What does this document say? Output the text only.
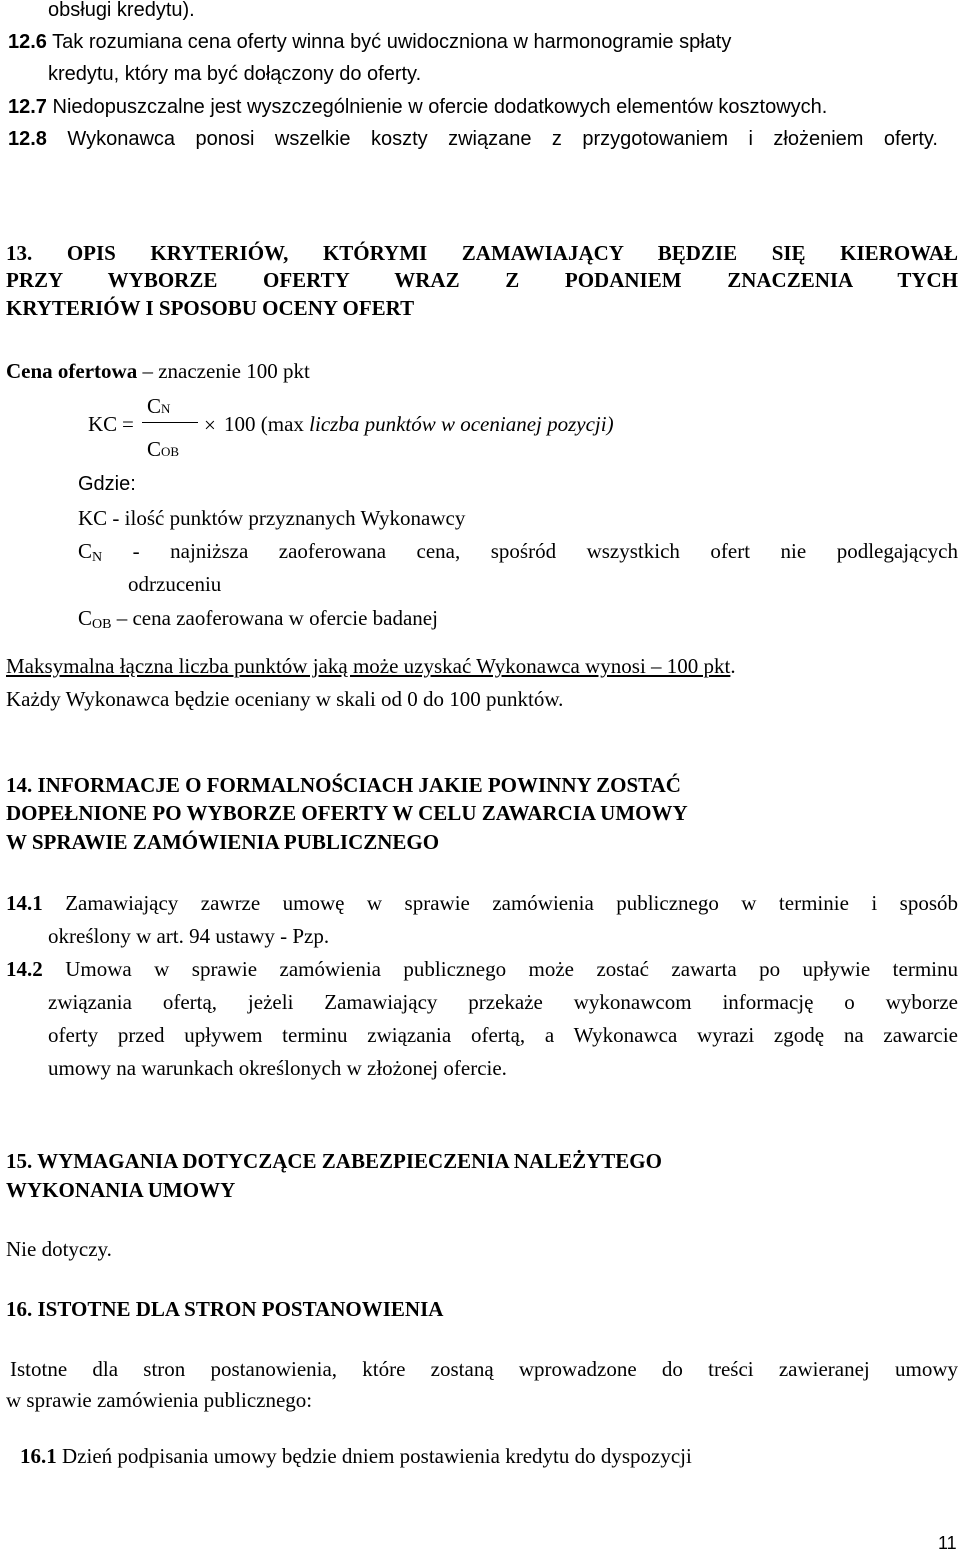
obsługi kredytu).
12.6 Tak rozumiana cena oferty winna być uwidoczniona w harmonogramie spłaty
kredytu, który ma być dołączony do oferty.
12.7 Niedopuszczalne jest wyszczególnienie w ofercie dodatkowych elementów kosztowych.
12.8 Wykonawca ponosi wszelkie koszty związane z przygotowaniem i złożeniem oferty.
13. OPIS KRYTERIÓW, KTÓRYMI ZAMAWIAJĄCY BĘDZIE SIĘ KIEROWAŁ
PRZY WYBORZE OFERTY WRAZ Z PODANIEM ZNACZENIA TYCH
KRYTERIÓW I SPOSOBU OCENY OFERT
Cena ofertowa – znaczenie 100 pkt
KC =
CN
COB
× 100 (max liczba punktów w ocenianej pozycji)
Gdzie:
KC - ilość punktów przyznanych Wykonawcy
$C_N$ - najniższa zaoferowana cena, spośród wszystkich ofert nie podlegających
odrzuceniu
$C_{OB}$ – cena zaoferowana w ofercie badanej
Maksymalna łączna liczba punktów jaką może uzyskać Wykonawca wynosi – 100 pkt.
Każdy Wykonawca będzie oceniany w skali od 0 do 100 punktów.
14. INFORMACJE O FORMALNOŚCIACH JAKIE POWINNY ZOSTAĆ
DOPEŁNIONE PO WYBORZE OFERTY W CELU ZAWARCIA UMOWY
W SPRAWIE ZAMÓWIENIA PUBLICZNEGO
14.1 Zamawiający zawrze umowę w sprawie zamówienia publicznego w terminie i sposób
określony w art. 94 ustawy - Pzp.
14.2 Umowa w sprawie zamówienia publicznego może zostać zawarta po upływie terminu
związania ofertą, jeżeli Zamawiający przekaże wykonawcom informację o wyborze
oferty przed upływem terminu związania ofertą, a Wykonawca wyrazi zgodę na zawarcie
umowy na warunkach określonych w złożonej ofercie.
15. WYMAGANIA DOTYCZĄCE ZABEZPIECZENIA NALEŻYTEGO
WYKONANIA UMOWY
Nie dotyczy.
16. ISTOTNE DLA STRON POSTANOWIENIA
Istotne dla stron postanowienia, które zostaną wprowadzone do treści zawieranej umowy
w sprawie zamówienia publicznego:
16.1 Dzień podpisania umowy będzie dniem postawienia kredytu do dyspozycji
11
